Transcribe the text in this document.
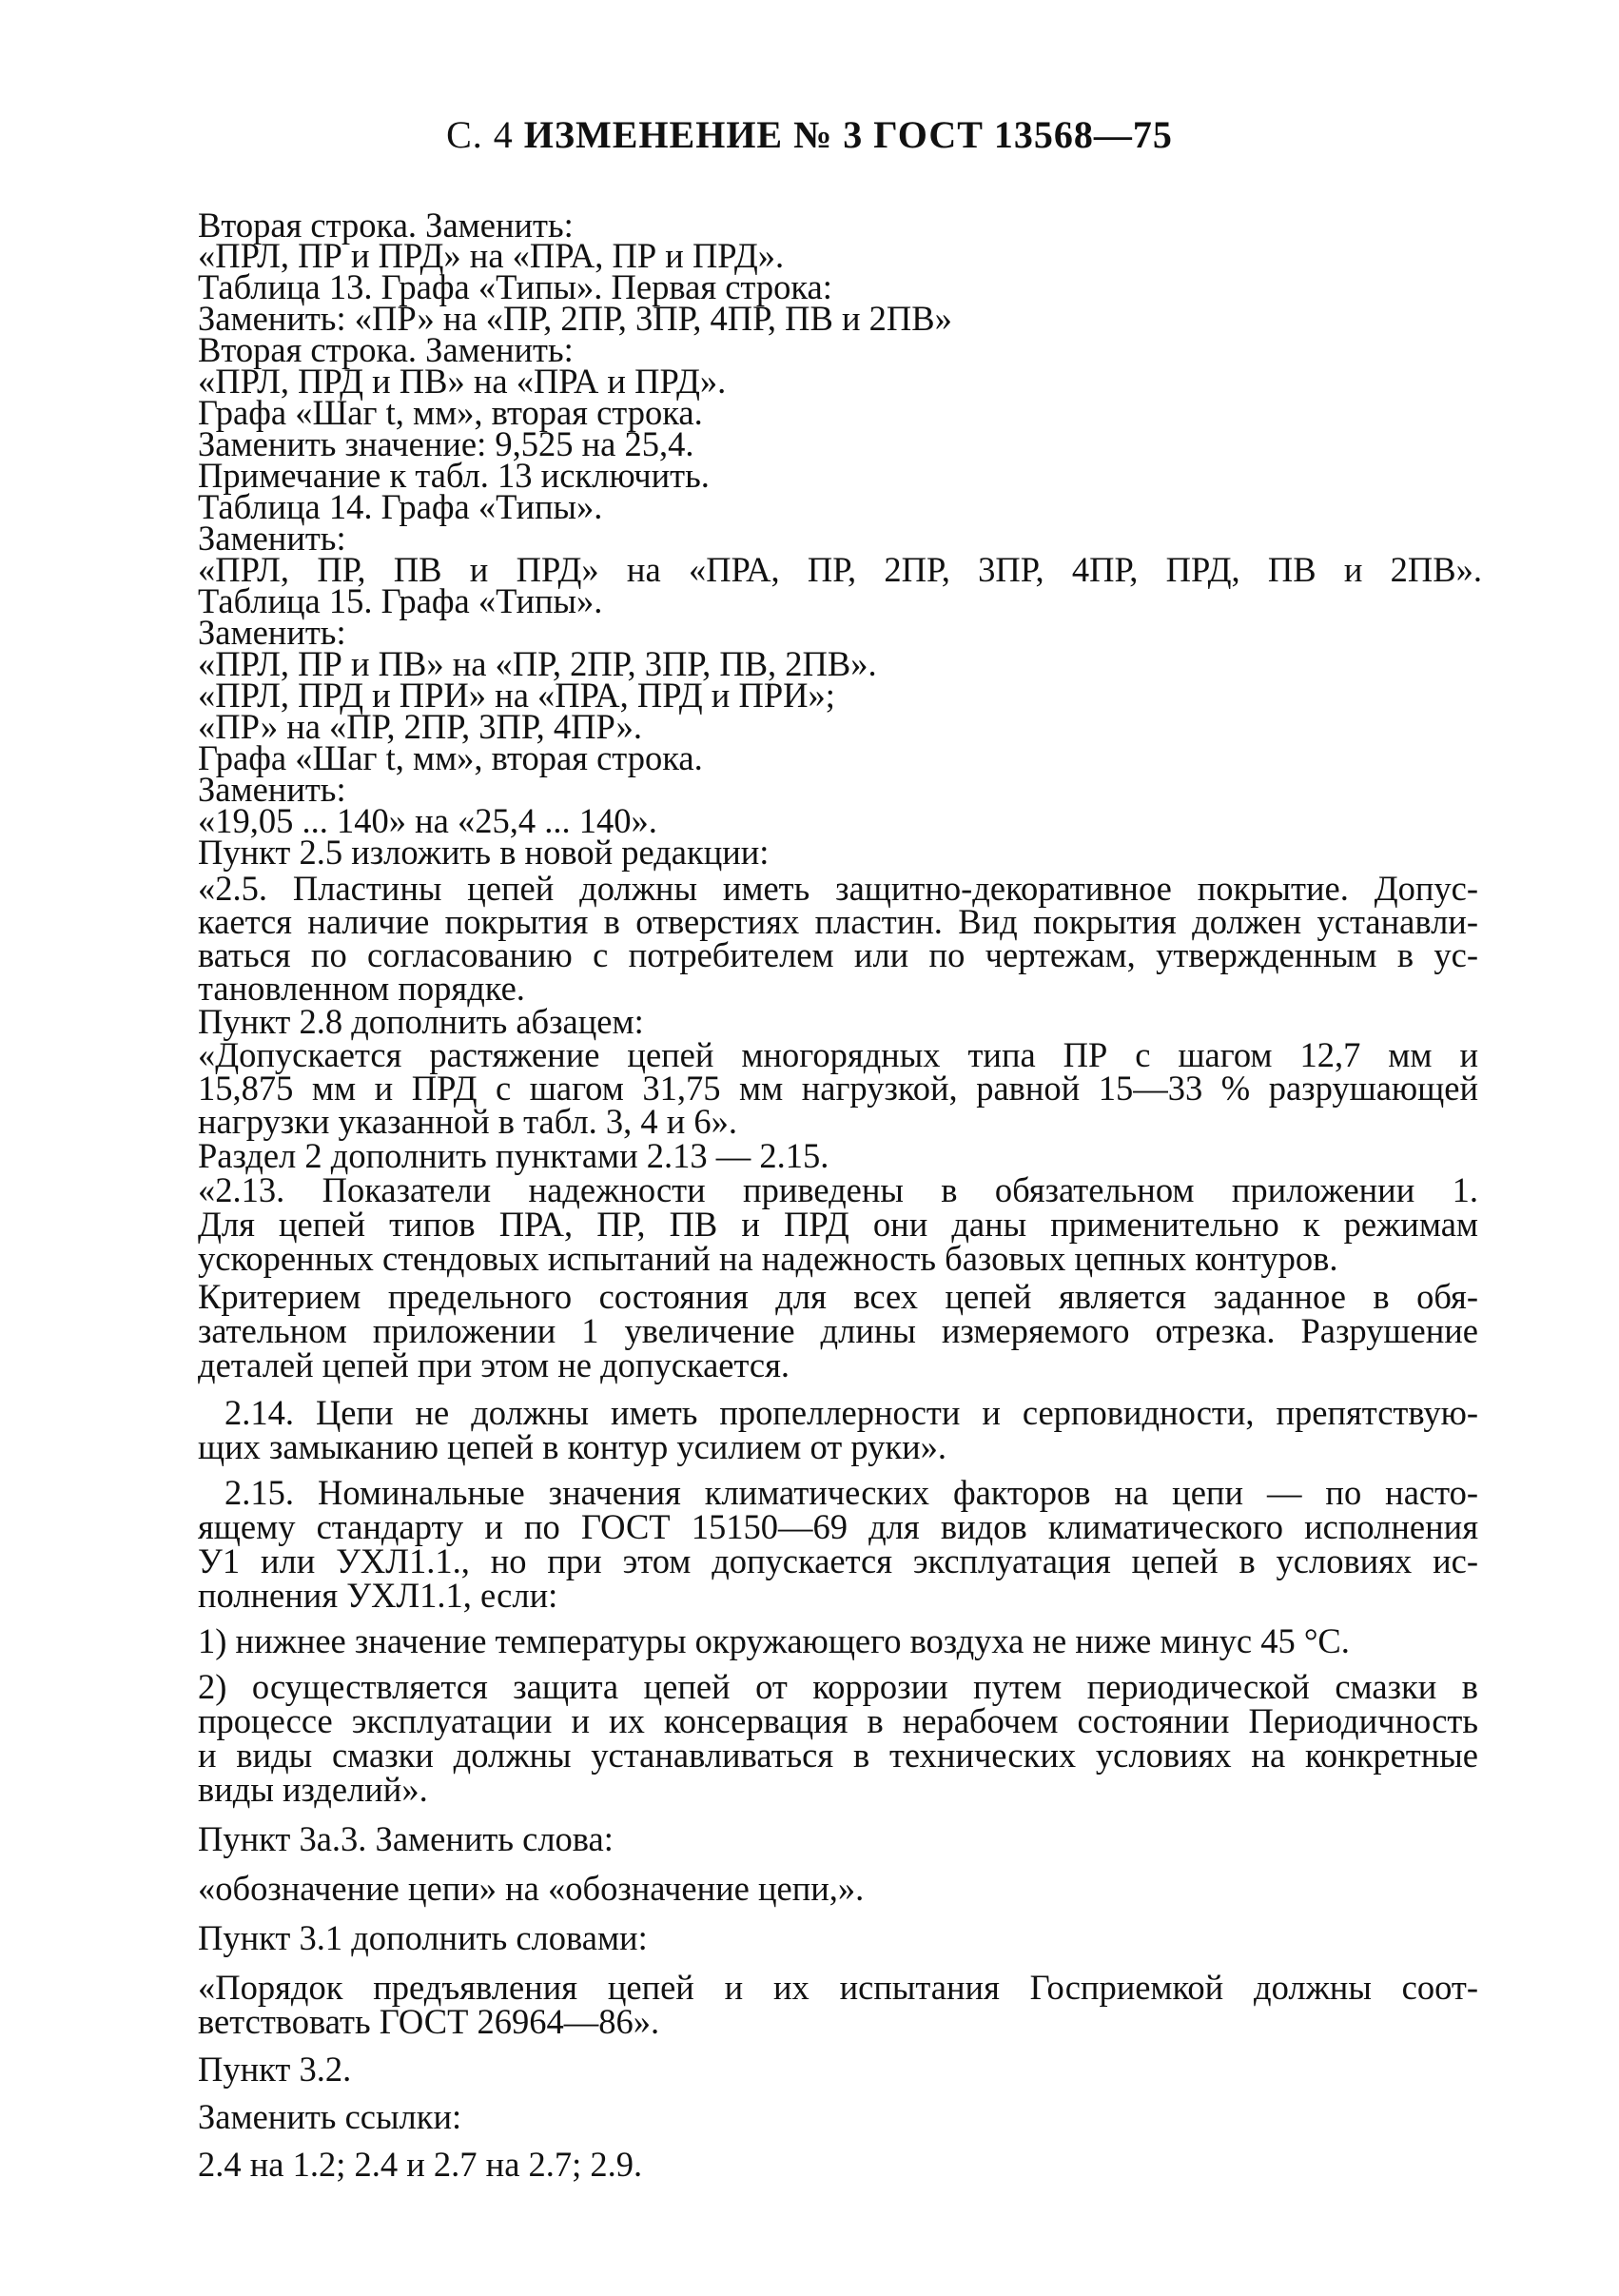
С. 4 ИЗМЕНЕНИЕ № 3 ГОСТ 13568—75
Вторая строка. Заменить:
«ПРЛ, ПР и ПРД» на «ПРА, ПР и ПРД».
Таблица 13. Графа «Типы». Первая строка:
Заменить: «ПР» на «ПР, 2ПР, 3ПР, 4ПР, ПВ и 2ПВ»
Вторая строка. Заменить:
«ПРЛ, ПРД и ПВ» на «ПРА и ПРД».
Графа «Шаг t, мм», вторая строка.
Заменить значение: 9,525 на 25,4.
Примечание к табл. 13 исключить.
Таблица 14. Графа «Типы».
Заменить:
«ПРЛ, ПР, ПВ и ПРД» на «ПРА, ПР, 2ПР, 3ПР, 4ПР, ПРД, ПВ и 2ПВ».
Таблица 15. Графа «Типы».
Заменить:
«ПРЛ, ПР и ПВ» на «ПР, 2ПР, 3ПР, ПВ, 2ПВ».
«ПРЛ, ПРД и ПРИ» на «ПРА, ПРД и ПРИ»;
«ПР» на «ПР, 2ПР, 3ПР, 4ПР».
Графа «Шаг t, мм», вторая строка.
Заменить:
«19,05 ... 140» на «25,4 ... 140».
Пункт 2.5 изложить в новой редакции:
«2.5. Пластины цепей должны иметь защитно-декоративное покрытие. Допус-
кается наличие покрытия в отверстиях пластин. Вид покрытия должен устанавли-
ваться по согласованию с потребителем или по чертежам, утвержденным в ус-
тановленном порядке.
Пункт 2.8 дополнить абзацем:
«Допускается растяжение цепей многорядных типа ПР с шагом 12,7 мм и
15,875 мм и ПРД с шагом 31,75 мм нагрузкой, равной 15—33 % разрушающей
нагрузки указанной в табл. 3, 4 и 6».
Раздел 2 дополнить пунктами 2.13 — 2.15.
«2.13. Показатели надежности приведены в обязательном приложении 1.
Для цепей типов ПРА, ПР, ПВ и ПРД они даны применительно к режимам
ускоренных стендовых испытаний на надежность базовых цепных контуров.
Критерием предельного состояния для всех цепей является заданное в обя-
зательном приложении 1 увеличение длины измеряемого отрезка. Разрушение
деталей цепей при этом не допускается.
2.14. Цепи не должны иметь пропеллерности и серповидности, препятствую-
щих замыканию цепей в контур усилием от руки».
2.15. Номинальные значения климатических факторов на цепи — по насто-
ящему стандарту и по ГОСТ 15150—69 для видов климатического исполнения
У1 или УХЛ1.1., но при этом допускается эксплуатация цепей в условиях ис-
полнения УХЛ1.1, если:
1) нижнее значение температуры окружающего воздуха не ниже минус 45 °С.
2) осуществляется защита цепей от коррозии путем периодической смазки в
процессе эксплуатации и их консервация в нерабочем состоянии Периодичность
и виды смазки должны устанавливаться в технических условиях на конкретные
виды изделий».
Пункт 3а.3. Заменить слова:
«обозначение цепи» на «обозначение цепи,».
Пункт 3.1 дополнить словами:
«Порядок предъявления цепей и их испытания Госприемкой должны соот-
ветствовать ГОСТ 26964—86».
Пункт 3.2.
Заменить ссылки:
2.4 на 1.2; 2.4 и 2.7 на 2.7; 2.9.
